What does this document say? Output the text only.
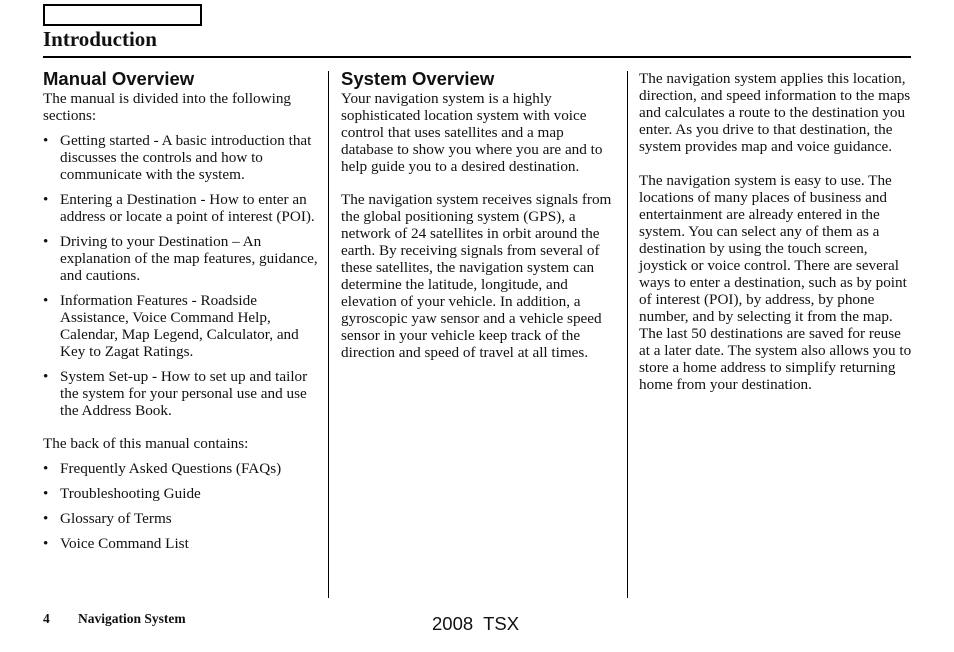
Introduction
Manual Overview

The manual is divided into the following sections:

• Getting started - A basic introduction that discusses the controls and how to communicate with the system.
• Entering a Destination - How to enter an address or locate a point of interest (POI).
• Driving to your Destination – An explanation of the map features, guidance, and cautions.
• Information Features - Roadside Assistance, Voice Command Help, Calendar, Map Legend, Calculator, and Key to Zagat Ratings.
• System Set-up - How to set up and tailor the system for your personal use and use the Address Book.

The back of this manual contains:

• Frequently Asked Questions (FAQs)
• Troubleshooting Guide
• Glossary of Terms
• Voice Command List
System Overview

Your navigation system is a highly sophisticated location system with voice control that uses satellites and a map database to show you where you are and to help guide you to a desired destination.

The navigation system receives signals from the global positioning system (GPS), a network of 24 satellites in orbit around the earth. By receiving signals from several of these satellites, the navigation system can determine the latitude, longitude, and elevation of your vehicle. In addition, a gyroscopic yaw sensor and a vehicle speed sensor in your vehicle keep track of the direction and speed of travel at all times.

The navigation system applies this location, direction, and speed information to the maps and calculates a route to the destination you enter. As you drive to that destination, the system provides map and voice guidance.

The navigation system is easy to use. The locations of many places of business and entertainment are already entered in the system. You can select any of them as a destination by using the touch screen, joystick or voice control. There are several ways to enter a destination, such as by point of interest (POI), by address, by phone number, and by selecting it from the map. The last 50 destinations are saved for reuse at a later date. The system also allows you to store a home address to simplify returning home from your destination.

4 Navigation System	2008  TSX
